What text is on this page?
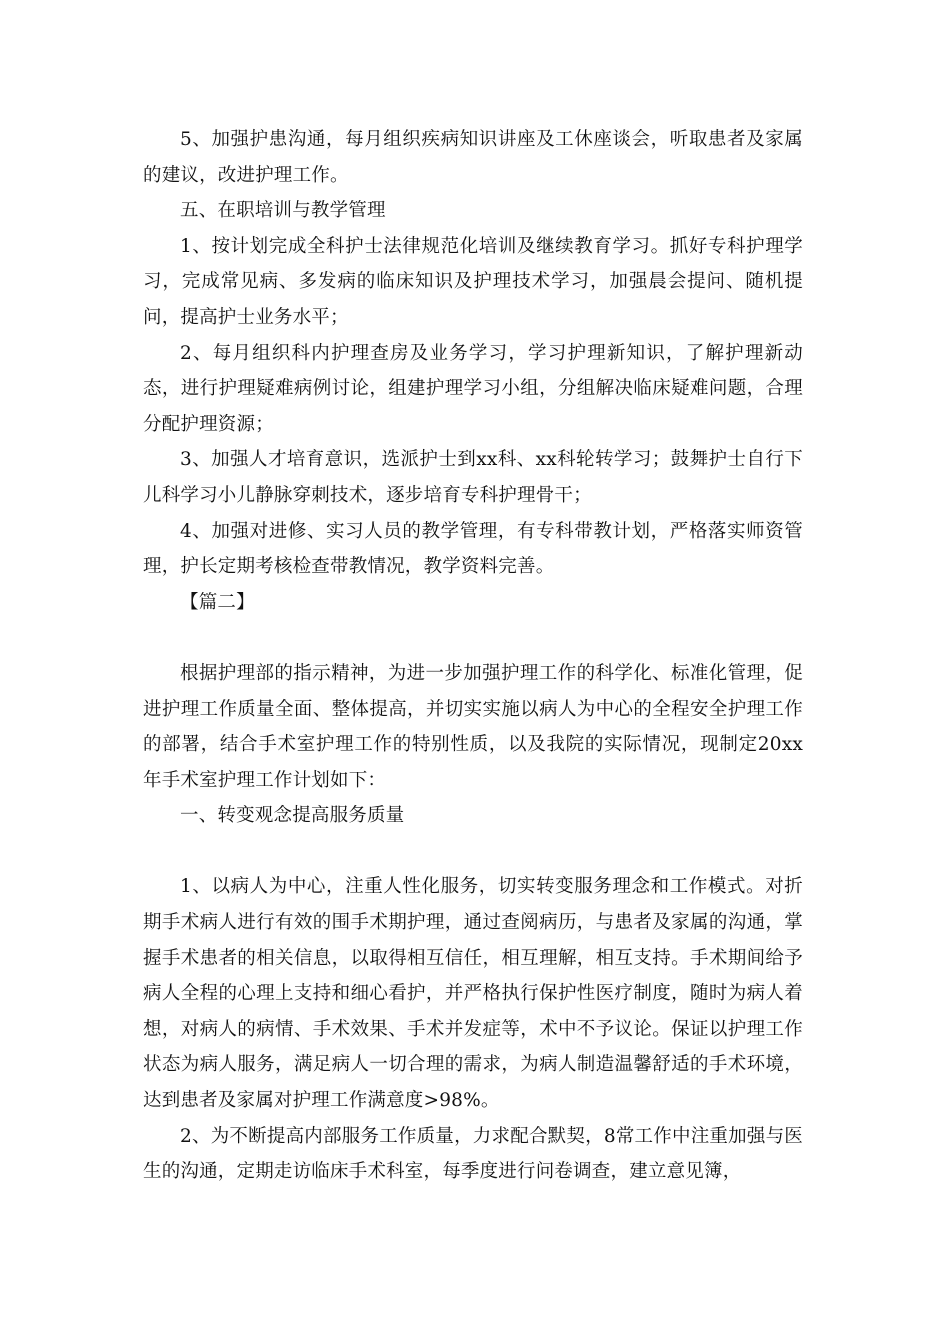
5、加强护患沟通，每月组织疾病知识讲座及工休座谈会，听取患者及家属的建议，改进护理工作。

五、在职培训与教学管理

1、按计划完成全科护士法律规范化培训及继续教育学习。抓好专科护理学习，完成常见病、多发病的临床知识及护理技术学习，加强晨会提问、随机提问，提高护士业务水平；

2、每月组织科内护理查房及业务学习，学习护理新知识，了解护理新动态，进行护理疑难病例讨论，组建护理学习小组，分组解决临床疑难问题，合理分配护理资源；

3、加强人才培育意识，选派护士到xx科、xx科轮转学习；鼓舞护士自行下儿科学习小儿静脉穿刺技术，逐步培育专科护理骨干；

4、加强对进修、实习人员的教学管理，有专科带教计划，严格落实师资管理，护长定期考核检查带教情况，教学资料完善。

【篇二】

根据护理部的指示精神，为进一步加强护理工作的科学化、标准化管理，促进护理工作质量全面、整体提高，并切实实施以病人为中心的全程安全护理工作的部署，结合手术室护理工作的特别性质，以及我院的实际情况，现制定20xx年手术室护理工作计划如下：

一、转变观念提高服务质量

1、以病人为中心，注重人性化服务，切实转变服务理念和工作模式。对折期手术病人进行有效的围手术期护理，通过查阅病历，与患者及家属的沟通，掌握手术患者的相关信息，以取得相互信任，相互理解，相互支持。手术期间给予病人全程的心理上支持和细心看护，并严格执行保护性医疗制度，随时为病人着想，对病人的病情、手术效果、手术并发症等，术中不予议论。保证以护理工作状态为病人服务，满足病人一切合理的需求，为病人制造温馨舒适的手术环境，达到患者及家属对护理工作满意度>98%。

2、为不断提高内部服务工作质量，力求配合默契，8常工作中注重加强与医生的沟通，定期走访临床手术科室，每季度进行问卷调查，建立意见簿，
